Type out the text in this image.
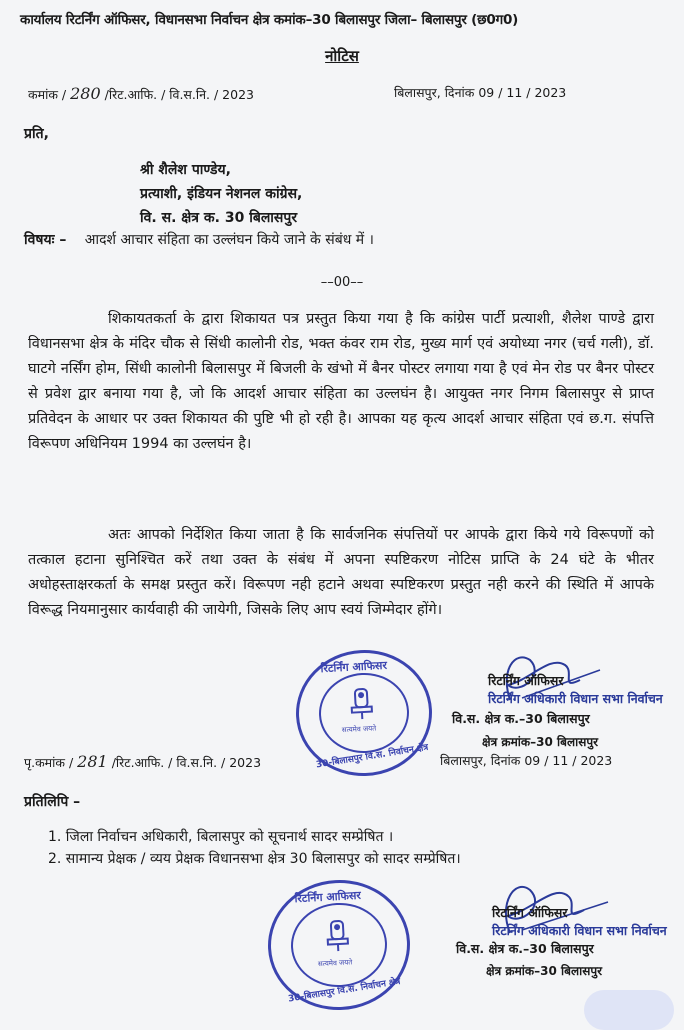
कार्यालय रिटर्निंग ऑफिसर, विधानसभा निर्वाचन क्षेत्र कमांक–30 बिलासपुर जिला– बिलासपुर (छ0ग0)
नोटिस
कमांक / 280 /रिट.आफि. / वि.स.नि. / 2023	बिलासपुर, दिनांक 09 / 11 / 2023
प्रति,
श्री शैलेश पाण्डेय,
प्रत्याशी, इंडियन नेशनल कांग्रेस,
वि. स. क्षेत्र क. 30 बिलासपुर
विषयः – आदर्श आचार संहिता का उल्लंघन किये जाने के संबंध में ।
––00––
शिकायतकर्ता के द्वारा शिकायत पत्र प्रस्तुत किया गया है कि कांग्रेस पार्टी प्रत्याशी, शैलेश पाण्डे द्वारा विधानसभा क्षेत्र के मंदिर चौक से सिंधी कालोनी रोड, भक्त कंवर राम रोड, मुख्य मार्ग एवं अयोध्या नगर (चर्च गली), डॉ. घाटगे नर्सिंग होम, सिंधी कालोनी बिलासपुर में बिजली के खंभो में बैनर पोस्टर लगाया गया है एवं मेन रोड पर बैनर पोस्टर से प्रवेश द्वार बनाया गया है, जो कि आदर्श आचार संहिता का उल्लघंन है। आयुक्त नगर निगम बिलासपुर से प्राप्त प्रतिवेदन के आधार पर उक्त शिकायत की पुष्टि भी हो रही है। आपका यह कृत्य आदर्श आचार संहिता एवं छ.ग. संपत्ति विरूपण अधिनियम 1994 का उल्लघंन है।
अतः आपको निर्देशित किया जाता है कि सार्वजनिक संपत्तियों पर आपके द्वारा किये गये विरूपणों को तत्काल हटाना सुनिश्चित करें तथा उक्त के संबंध में अपना स्पष्टिकरण नोटिस प्राप्ति के 24 घंटे के भीतर अधोहस्ताक्षरकर्ता के समक्ष प्रस्तुत करें। विरूपण नही हटाने अथवा स्पष्टिकरण प्रस्तुत नही करने की स्थिति में आपके विरूद्ध नियमानुसार कार्यवाही की जायेगी, जिसके लिए आप स्वयं जिम्मेदार होंगे।
रिटर्निंग आफिसर
सत्यमेव जयते
30-बिलासपुर वि.स. निर्वाचन क्षेत्र
रिटर्निंग अधिकारी विधान सभा निर्वाचन
रिटर्निंग ऑफिसर
वि.स. क्षेत्र क.–30 बिलासपुर
क्षेत्र क्रमांक–30 बिलासपुर
पृ.कमांक / 281 /रिट.आफि. / वि.स.नि. / 2023	बिलासपुर, दिनांक 09 / 11 / 2023
प्रतिलिपि –
1. जिला निर्वाचन अधिकारी, बिलासपुर को सूचनार्थ सादर सम्प्रेषित ।
2. सामान्य प्रेक्षक / व्यय प्रेक्षक विधानसभा क्षेत्र 30 बिलासपुर को सादर सम्प्रेषित।
रिटर्निंग आफिसर
सत्यमेव जयते
30-बिलासपुर वि.स. निर्वाचन क्षेत्र
रिटर्निंग ऑफिसर
रिटर्निंग अधिकारी विधान सभा निर्वाचन
वि.स. क्षेत्र क.–30 बिलासपुर
क्षेत्र क्रमांक–30 बिलासपुर
